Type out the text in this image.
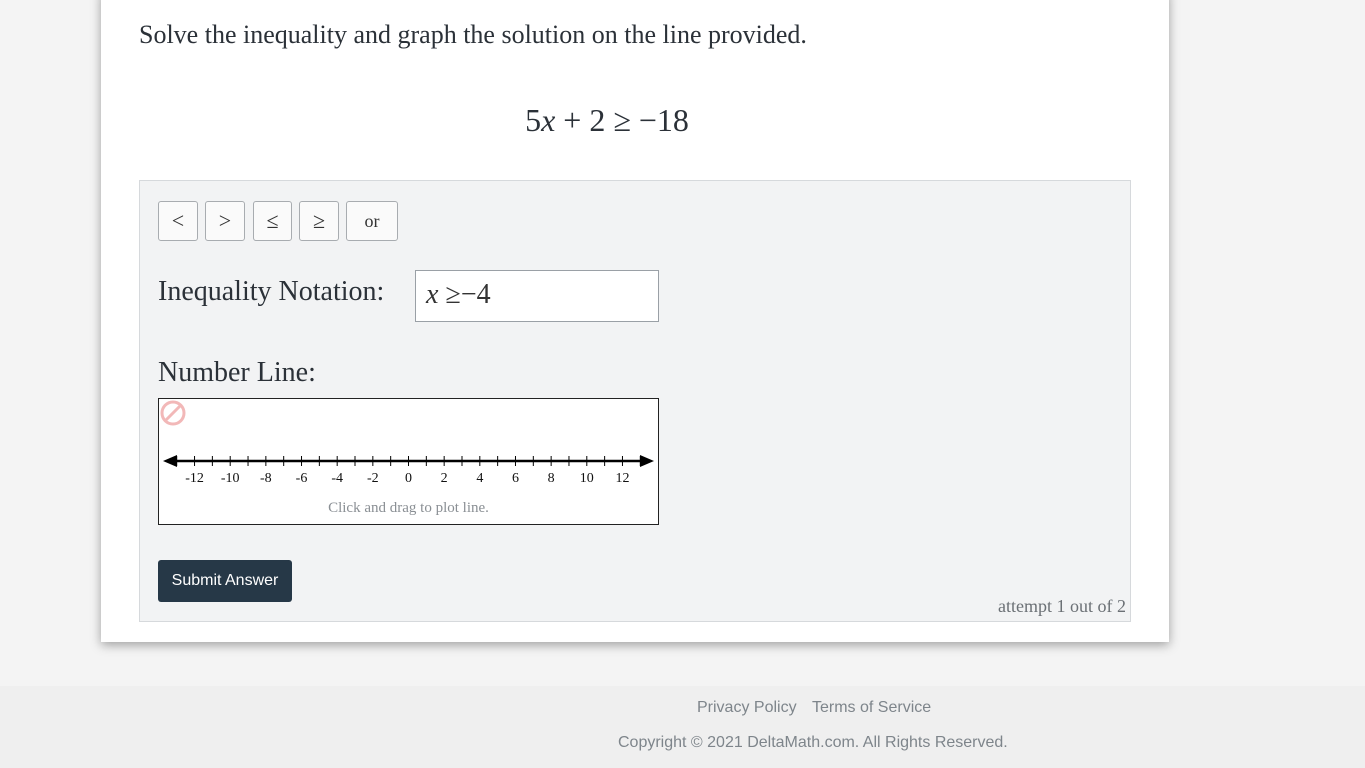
Solve the inequality and graph the solution on the line provided.
5x + 2 ≥ −18
<	>	≤	≥	or
Inequality Notation:	x ≥−4
Number Line:
-12 -10 -8 -6 -4 -2 0 2 4 6 8 10 12
Click and drag to plot line.
Submit Answer
attempt 1 out of 2
Privacy Policy Terms of Service
Copyright © 2021 DeltaMath.com. All Rights Reserved.
